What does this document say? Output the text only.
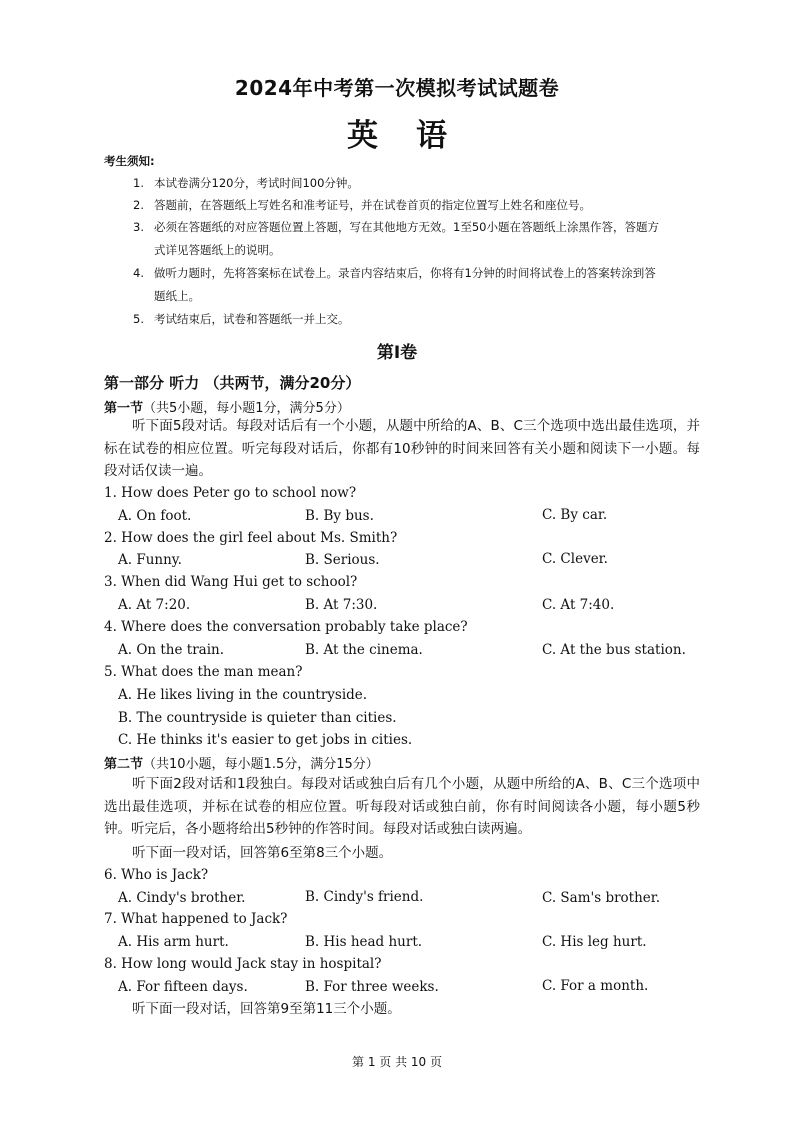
2024年中考第一次模拟考试试题卷
英语
考生须知:
1. 本试卷满分120分，考试时间100分钟。
2. 答题前，在答题纸上写姓名和准考证号，并在试卷首页的指定位置写上姓名和座位号。
3. 必须在答题纸的对应答题位置上答题，写在其他地方无效。1至50小题在答题纸上涂黑作答，答题方
式详见答题纸上的说明。
4. 做听力题时，先将答案标在试卷上。录音内容结束后，你将有1分钟的时间将试卷上的答案转涂到答
题纸上。
5. 考试结束后，试卷和答题纸一并上交。
第Ⅰ卷
第一部分 听力 （共两节，满分20分）
第一节（共5小题，每小题1分，满分5分）
听下面5段对话。每段对话后有一个小题，从题中所给的A、B、C三个选项中选出最佳选项，并标在试卷的相应位置。听完每段对话后，你都有10秒钟的时间来回答有关小题和阅读下一小题。每段对话仅读一遍。
1. How does Peter go to school now?
A. On foot.	B. By bus.	C. By car.
2. How does the girl feel about Ms. Smith?
A. Funny.	B. Serious.	C. Clever.
3. When did Wang Hui get to school?
A. At 7:20.	B. At 7:30.	C. At 7:40.
4. Where does the conversation probably take place?
A. On the train.	B. At the cinema.	C. At the bus station.
5. What does the man mean?
A. He likes living in the countryside.
B. The countryside is quieter than cities.
C. He thinks it's easier to get jobs in cities.
第二节（共10小题，每小题1.5分，满分15分）
听下面2段对话和1段独白。每段对话或独白后有几个小题，从题中所给的A、B、C三个选项中选出最佳选项，并标在试卷的相应位置。听每段对话或独白前，你有时间阅读各小题，每小题5秒钟。听完后，各小题将给出5秒钟的作答时间。每段对话或独白读两遍。
听下面一段对话，回答第6至第8三个小题。
6. Who is Jack?
A. Cindy's brother.	B. Cindy's friend.	C. Sam's brother.
7. What happened to Jack?
A. His arm hurt.	B. His head hurt.	C. His leg hurt.
8. How long would Jack stay in hospital?
A. For fifteen days.	B. For three weeks.	C. For a month.
听下面一段对话，回答第9至第11三个小题。
第 1 页 共 10 页
